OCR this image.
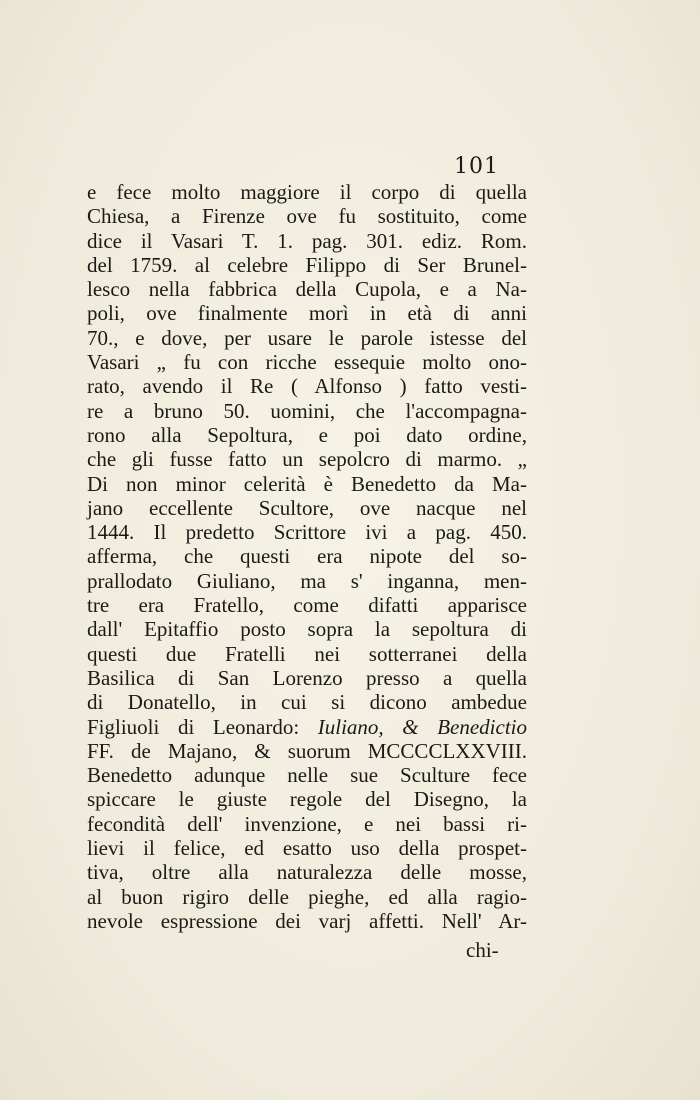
101
e fece molto maggiore il corpo di quella
Chiesa, a Firenze ove fu sostituito, come
dice il Vasari T. 1. pag. 301. ediz. Rom.
del 1759. al celebre Filippo di Ser Brunel-
lesco nella fabbrica della Cupola, e a Na-
poli, ove finalmente morì in età di anni
70., e dove, per usare le parole istesse del
Vasari „ fu con ricche essequie molto ono-
rato, avendo il Re ( Alfonso ) fatto vesti-
re a bruno 50. uomini, che l'accompagna-
rono alla Sepoltura, e poi dato ordine,
che gli fusse fatto un sepolcro di marmo. „
Di non minor celerità è Benedetto da Ma-
jano eccellente Scultore, ove nacque nel
1444. Il predetto Scrittore ivi a pag. 450.
afferma, che questi era nipote del so-
prallodato Giuliano, ma s' inganna, men-
tre era Fratello, come difatti apparisce
dall' Epitaffio posto sopra la sepoltura di
questi due Fratelli nei sotterranei della
Basilica di San Lorenzo presso a quella
di Donatello, in cui si dicono ambedue
Figliuoli di Leonardo: Iuliano, & Benedictio
FF. de Majano, & suorum MCCCCLXXVIII.
Benedetto adunque nelle sue Sculture fece
spiccare le giuste regole del Disegno, la
fecondità dell' invenzione, e nei bassi ri-
lievi il felice, ed esatto uso della prospet-
tiva, oltre alla naturalezza delle mosse,
al buon rigiro delle pieghe, ed alla ragio-
nevole espressione dei varj affetti. Nell' Ar-
chi-
